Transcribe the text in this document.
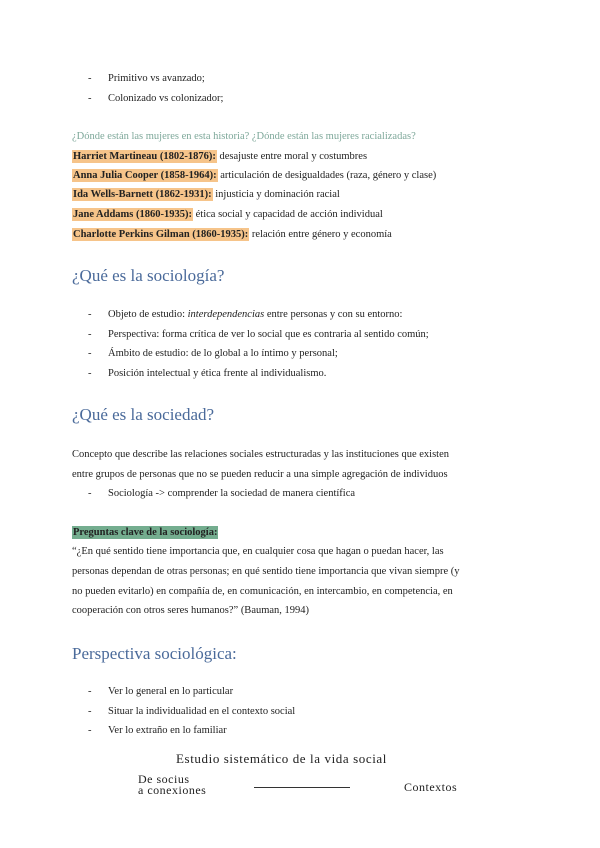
- Primitivo vs avanzado;
- Colonizado vs colonizador;
¿Dónde están las mujeres en esta historia? ¿Dónde están las mujeres racializadas?
Harriet Martineau (1802-1876): desajuste entre moral y costumbres
Anna Julia Cooper (1858-1964): articulación de desigualdades (raza, género y clase)
Ida Wells-Barnett (1862-1931): injusticia y dominación racial
Jane Addams (1860-1935): ética social y capacidad de acción individual
Charlotte Perkins Gilman (1860-1935): relación entre género y economía
¿Qué es la sociología?
- Objeto de estudio: interdependencias entre personas y con su entorno:
- Perspectiva: forma crítica de ver lo social que es contraria al sentido común;
- Ámbito de estudio: de lo global a lo íntimo y personal;
- Posición intelectual y ética frente al individualismo.
¿Qué es la sociedad?
Concepto que describe las relaciones sociales estructuradas y las instituciones que existen
entre grupos de personas que no se pueden reducir a una simple agregación de individuos
- Sociología -> comprender la sociedad de manera científica
Preguntas clave de la sociología:
“¿En qué sentido tiene importancia que, en cualquier cosa que hagan o puedan hacer, las
personas dependan de otras personas; en qué sentido tiene importancia que vivan siempre (y
no pueden evitarlo) en compañía de, en comunicación, en intercambio, en competencia, en
cooperación con otros seres humanos?” (Bauman, 1994)
Perspectiva sociológica:
- Ver lo general en lo particular
- Situar la individualidad en el contexto social
- Ver lo extraño en lo familiar
Estudio sistemático de la vida social
De socius
a conexiones	Contextos
